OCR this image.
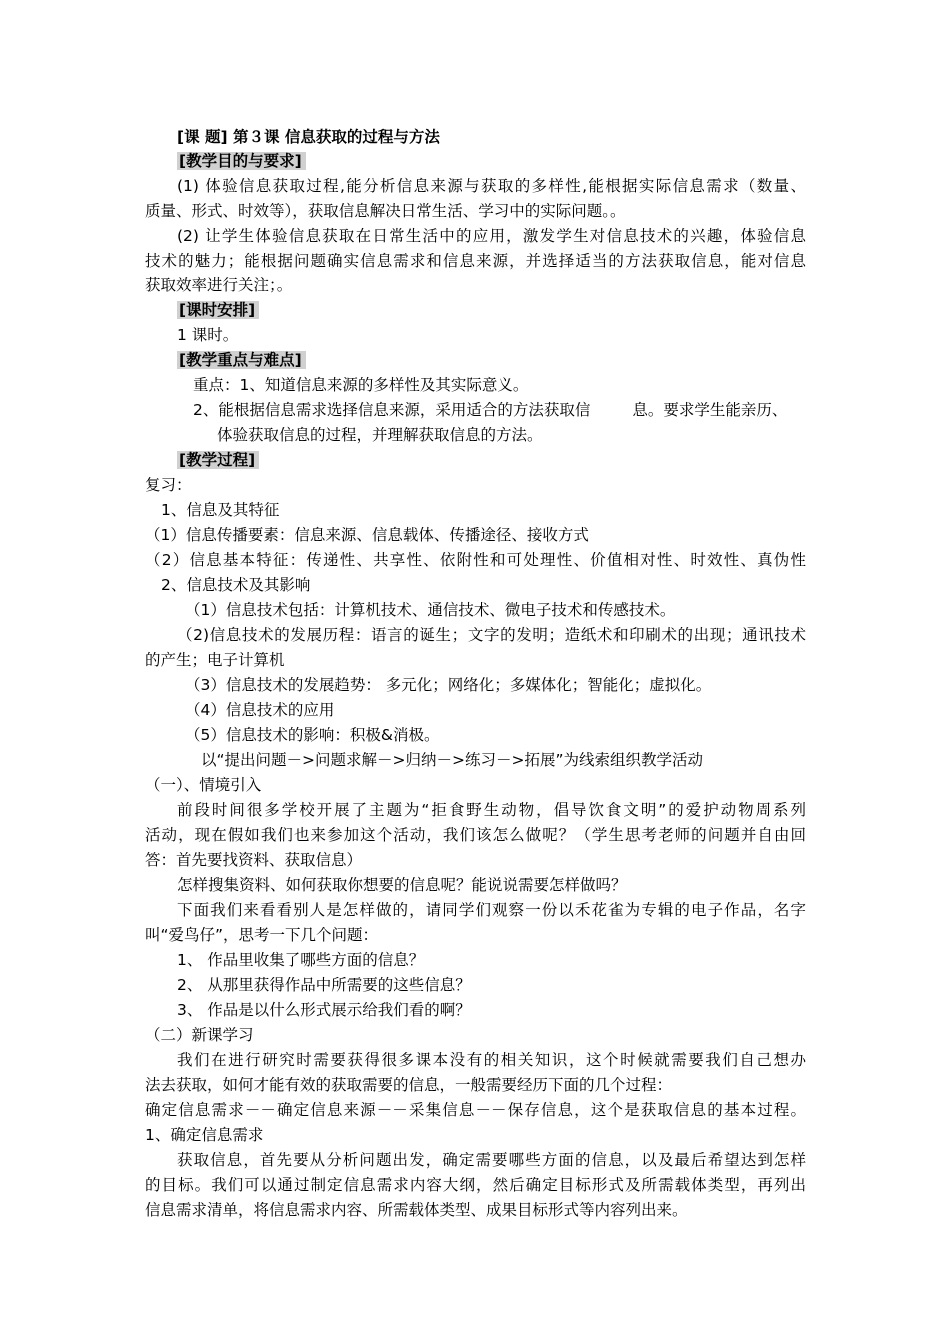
[课 题] 第３课 信息获取的过程与方法
[教学目的与要求]
(1) 体验信息获取过程,能分析信息来源与获取的多样性,能根据实际信息需求（数量、
质量、形式、时效等），获取信息解决日常生活、学习中的实际问题。。
(2) 让学生体验信息获取在日常生活中的应用，激发学生对信息技术的兴趣，体验信息
技术的魅力；能根据问题确实信息需求和信息来源，并选择适当的方法获取信息，能对信息
获取效率进行关注；。
[课时安排]
1 课时。
[教学重点与难点]
重点：1、知道信息来源的多样性及其实际意义。
2、能根据信息需求选择信息来源，采用适合的方法获取信	息。要求学生能亲历、
体验获取信息的过程，并理解获取信息的方法。
[教学过程]
复习：
1、信息及其特征
（1）信息传播要素：信息来源、信息载体、传播途径、接收方式
（2）信息基本特征：传递性、共享性、依附性和可处理性、价值相对性、时效性、真伪性
2、信息技术及其影响
（1）信息技术包括：计算机技术、通信技术、微电子技术和传感技术。
（2)信息技术的发展历程：语言的诞生；文字的发明；造纸术和印刷术的出现；通讯技术
的产生；电子计算机
（3）信息技术的发展趋势： 多元化；网络化；多媒体化；智能化；虚拟化。
（4）信息技术的应用
（5）信息技术的影响：积极&消极。
以“提出问题－>问题求解－>归纳－>练习－>拓展”为线索组织教学活动
（一）、情境引入
前段时间很多学校开展了主题为“拒食野生动物，倡导饮食文明”的爱护动物周系列
活动，现在假如我们也来参加这个活动，我们该怎么做呢？（学生思考老师的问题并自由回
答：首先要找资料、获取信息）
怎样搜集资料、如何获取你想要的信息呢？能说说需要怎样做吗？
下面我们来看看别人是怎样做的，请同学们观察一份以禾花雀为专辑的电子作品，名字
叫“爱鸟仔”，思考一下几个问题：
1、 作品里收集了哪些方面的信息？
2、 从那里获得作品中所需要的这些信息？
3、 作品是以什么形式展示给我们看的啊？
（二）新课学习
我们在进行研究时需要获得很多课本没有的相关知识，这个时候就需要我们自己想办
法去获取，如何才能有效的获取需要的信息，一般需要经历下面的几个过程：
确定信息需求－－确定信息来源－－采集信息－－保存信息，这个是获取信息的基本过程。
1、确定信息需求
获取信息，首先要从分析问题出发，确定需要哪些方面的信息，以及最后希望达到怎样
的目标。我们可以通过制定信息需求内容大纲，然后确定目标形式及所需载体类型，再列出
信息需求清单，将信息需求内容、所需载体类型、成果目标形式等内容列出来。
